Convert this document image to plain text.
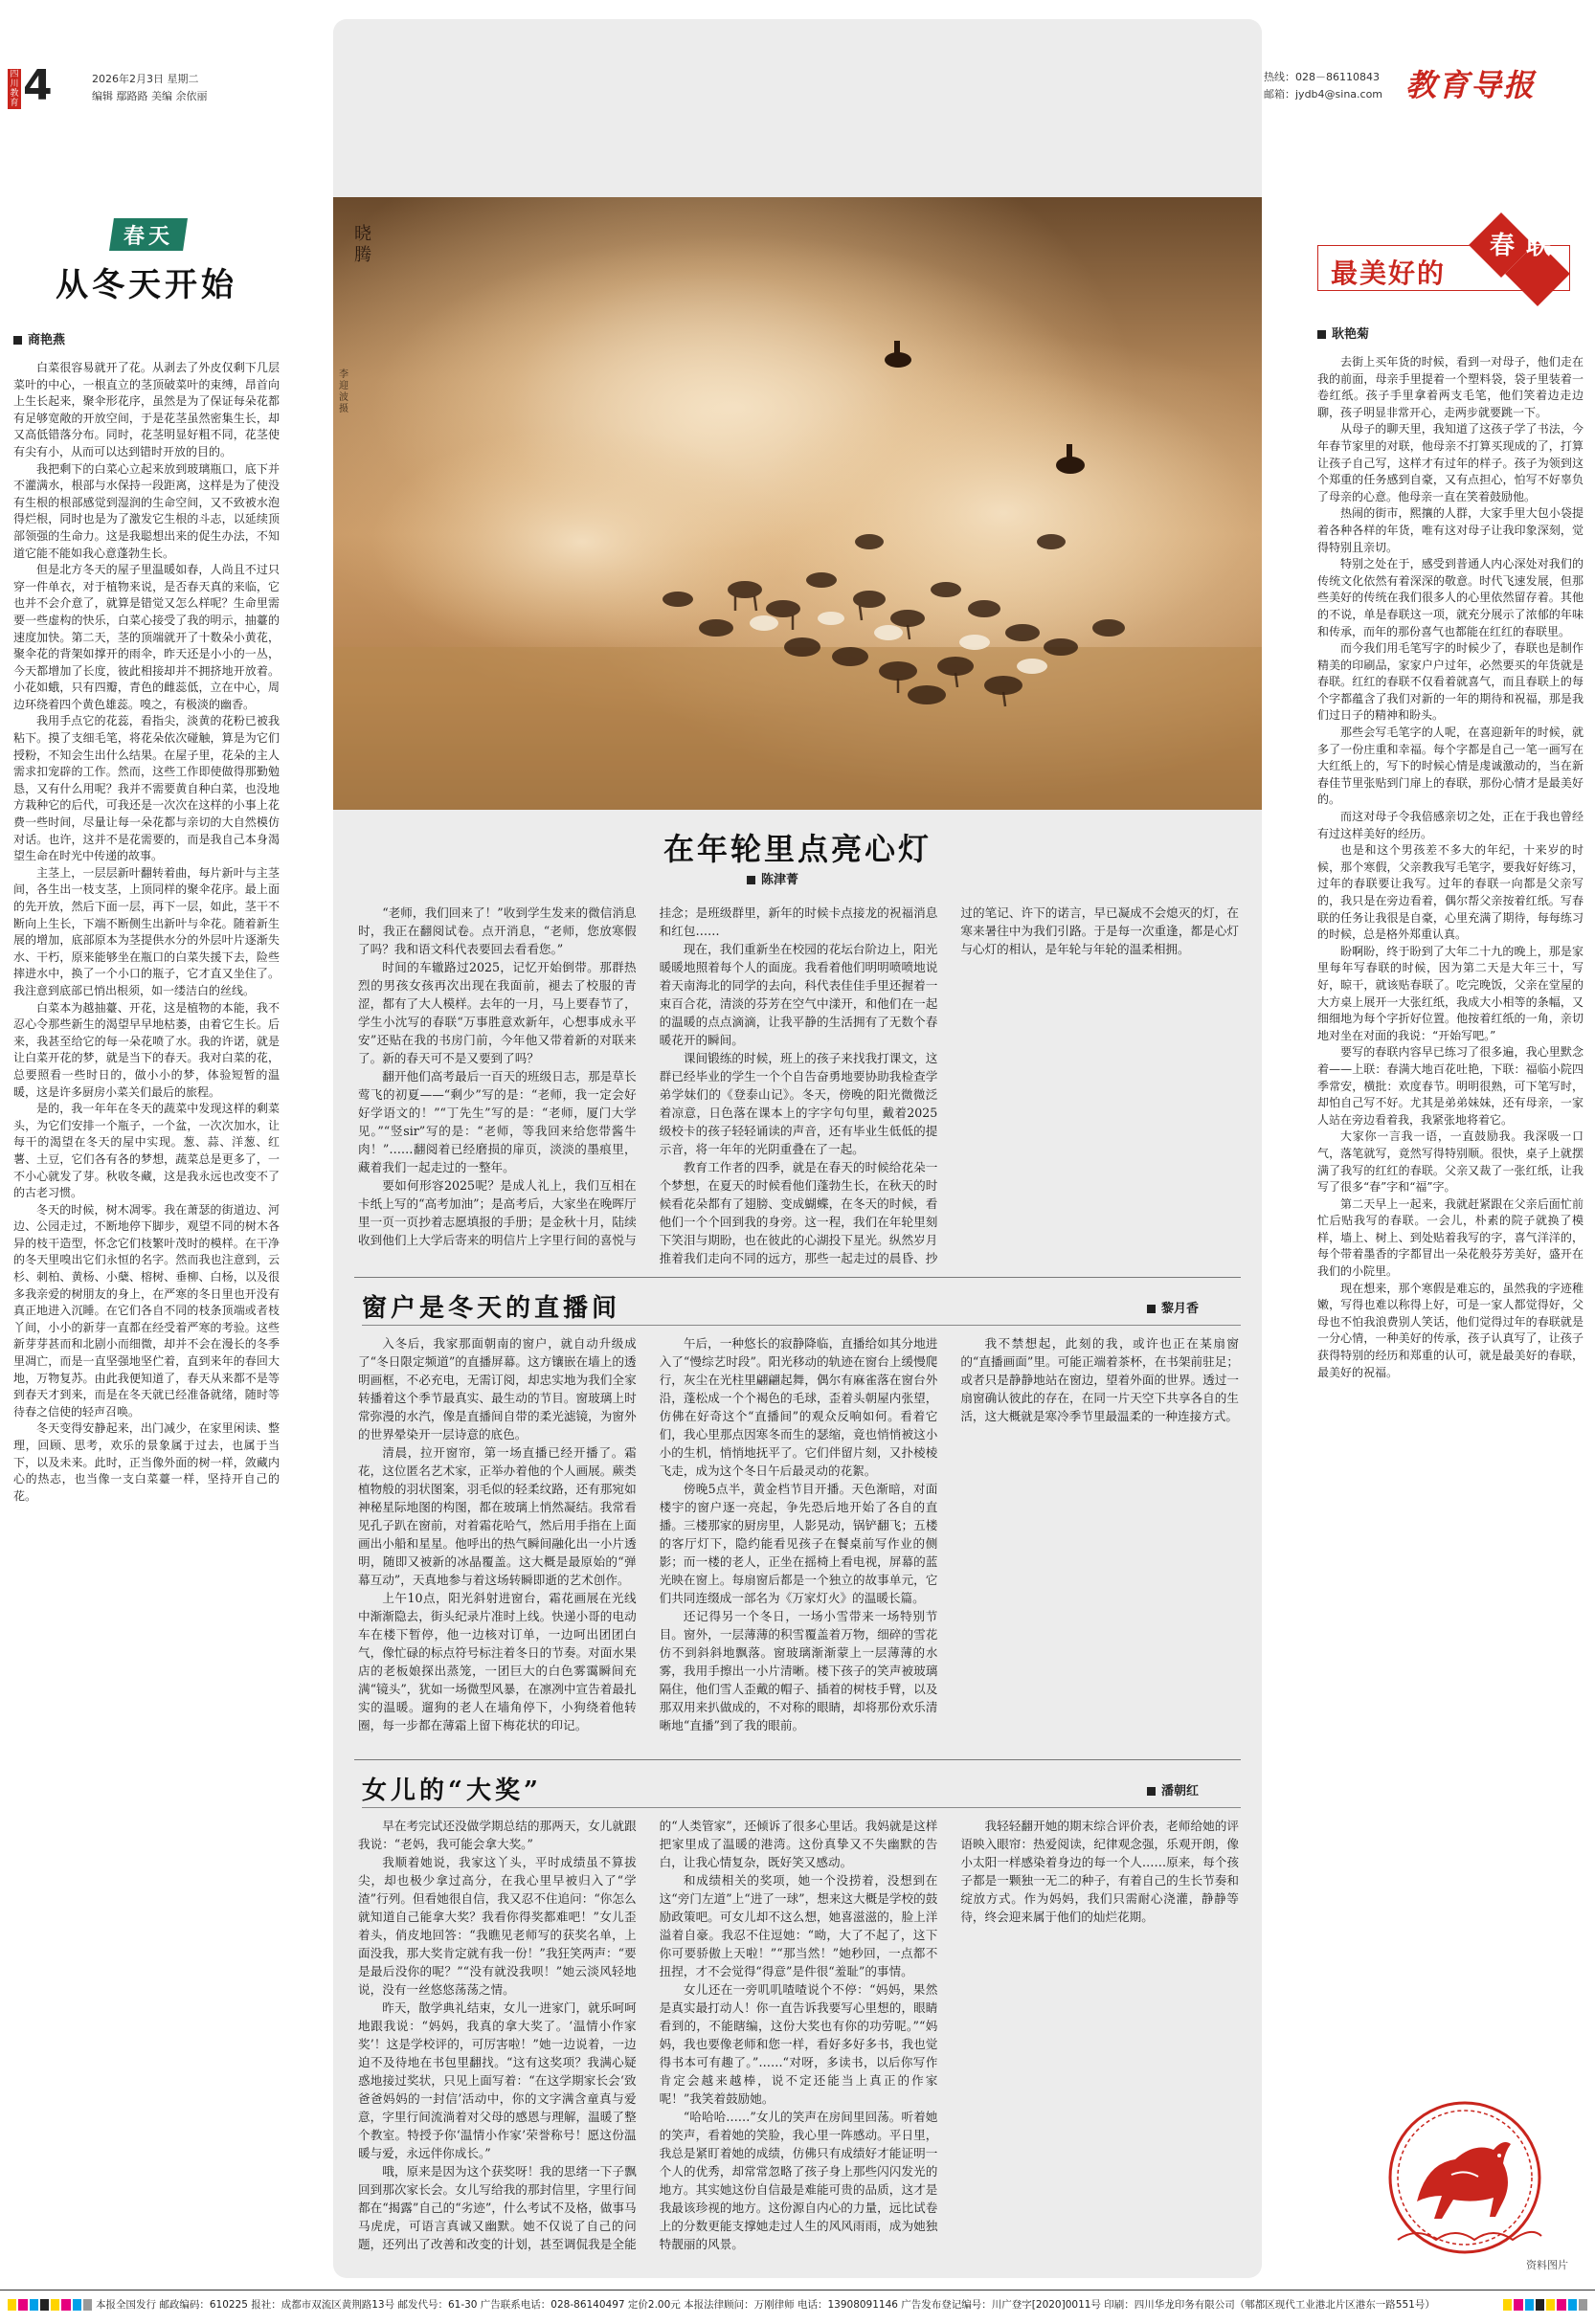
四川教育 4	2026年2月3日 星期二
编辑 鄢路路 美编 余依丽
热线：028－86110843
邮箱：jydb4@sina.com 教育导报
晓腾
李迎波 摄
春天
从冬天开始
商艳燕

白菜很容易就开了花。从剥去了外皮仅剩下几层菜叶的中心，一根直立的茎顶破菜叶的束缚，昂首向上生长起来，聚伞形花序，虽然是为了保证每朵花都有足够宽敞的开放空间，于是花茎虽然密集生长，却又高低错落分布。同时，花茎明显好粗不同，花茎使有尖有小，从而可以达到错时开放的目的。

我把剩下的白菜心立起来放到玻璃瓶口，底下并不灌满水，根部与水保持一段距离，这样是为了使没有生根的根部感觉到湿润的生命空间，又不致被水泡得烂根，同时也是为了激发它生根的斗志，以延续顶部领强的生命力。这是我聪想出来的促生办法，不知道它能不能如我心意蓬勃生长。

但是北方冬天的屋子里温暖如春，人尚且不过只穿一件单衣，对于植物来说，是否春天真的来临，它也并不会介意了，就算是错觉又怎么样呢？生命里需要一些虚构的快乐，白菜心接受了我的明示，抽薹的速度加快。第二天，茎的顶端就开了十数朵小黄花，聚伞花的背架如撑开的雨伞，昨天还是小小的一丛，今天都增加了长度，彼此相接却并不拥挤地开放着。小花如蛾，只有四瓣，青色的雌蕊低，立在中心，周边环绕着四个黄色雄蕊。嗅之，有极淡的幽香。

我用手点它的花蕊，看指尖，淡黄的花粉已被我粘下。摸了支细毛笔，将花朵依次碰触，算是为它们授粉，不知会生出什么结果。在屋子里，花朵的主人需求扣宠辟的工作。然而，这些工作即使做得那勤勉恳，又有什么用呢？我并不需要黄自种白菜，也没地方栽种它的后代，可我还是一次次在这样的小事上花费一些时间，尽量让每一朵花都与亲切的大自然模仿对话。也许，这并不是花需要的，而是我自己本身渴望生命在时光中传递的故事。

主茎上，一层层新叶翻转着曲，每片新叶与主茎间，各生出一枝支茎，上顶同样的聚伞花序。最上面的先开放，然后下面一层，再下一层，如此，茎干不断向上生长，下端不断侧生出新叶与伞花。随着新生展的增加，底部原本为茎提供水分的外层叶片逐渐失水、干朽，原来能够坐在瓶口的白菜失援下去，险些摔进水中，换了一个小口的瓶子，它才直又坐住了。我注意到底部已悄出根须，如一缕洁白的丝线。

白菜本为越抽薹、开花，这是植物的本能，我不忍心令那些新生的渴望早早地枯萎，由着它生长。后来，我甚至给它的每一朵花喷了水。我的许诺，就是让白菜开花的梦，就是当下的春天。我对白菜的花，总要照看一些时日的，做小小的梦，体验短暂的温暖，这是许多厨房小菜关们最后的旅程。

是的，我一年年在冬天的蔬菜中发现这样的剩菜头，为它们安排一个瓶子，一个盆，一次次加水，让每干的渴望在冬天的屋中实现。葱、蒜、洋葱、红薯、土豆，它们各有各的梦想，蔬菜总是更多了，一不小心就发了芽。秋收冬藏，这是我永远也改变不了的古老习惯。

冬天的时候，树木凋零。我在萧瑟的街道边、河边、公园走过，不断地停下脚步，观望不同的树木各异的枝干造型，怀念它们枝繁叶茂时的模样。在干净的冬天里嗅出它们永恒的名字。然而我也注意到，云杉、刺柏、黄杨、小蘖、榕树、垂柳、白杨，以及很多我亲爱的树朋友的身上，在严寒的冬日里也开没有真正地进入沉睡。在它们各自不同的枝条顶端或者枝丫间，小小的新芽一直都在经受着严寒的考验。这些新芽芽甚而和北剧小而细微，却并不会在漫长的冬季里凋亡，而是一直坚强地坚伫着，直到来年的春回大地，万物复苏。由此我便知道了，春天从来都不是等到春天才到来，而是在冬天就已经准备就绪，随时等待春之信使的轻声召唤。

冬天变得安静起来，出门减少，在家里闲读、整理，回顾、思考，欢乐的景象属于过去，也属于当下，以及未来。此时，正当像外面的树一样，敛藏内心的热志，也当像一支白菜薹一样，坚持开自己的花。

在年轮里点亮心灯
陈津菁

“老师，我们回来了！”收到学生发来的微信消息时，我正在翻阅试卷。点开消息，“老师，您放寒假了吗？我和语文科代表要回去看看您。”

时间的车辙路过2025，记忆开始倒带。那群热烈的男孩女孩再次出现在我面前，褪去了校服的青涩，都有了大人模样。去年的一月，马上要春节了，学生小沈写的春联“万事胜意欢新年，心想事成永平安”还贴在我的书房门前，今年他又带着新的对联来了。新的春天可不是又要到了吗？

翻开他们高考最后一百天的班级日志，那是草长莺飞的初夏——“剩少”写的是：“老师，我一定会好好学语文的！”“丁先生”写的是：“老师，厦门大学见。”“竖sir”写的是：“老师，等我回来给您带酱牛肉！”……翻阅着已经磨损的扉页，淡淡的墨痕里，藏着我们一起走过的一整年。

要如何形容2025呢？是成人礼上，我们互相在卡纸上写的“高考加油”；是高考后，大家坐在晚晖厅里一页一页抄着志愿填报的手册；是金秋十月，陆续收到他们上大学后寄来的明信片上字里行间的喜悦与挂念；是班级群里，新年的时候卡点接龙的祝福消息和红包……

现在，我们重新坐在校园的花坛台阶边上，阳光暖暖地照着每个人的面庞。我看着他们明明喷喷地说着天南海北的同学的去向，科代表佳佳手里还握着一束百合花，清淡的芬芳在空气中漾开，和他们在一起的温暖的点点滴滴，让我平静的生活拥有了无数个春暖花开的瞬间。

课间锻练的时候，班上的孩子来找我打课文，这群已经毕业的学生一个个自告奋勇地要协助我检查学弟学妹们的《登泰山记》。冬天，傍晚的阳光微微泛着凉意，日色落在课本上的字字句句里，戴着2025级校卡的孩子轻轻诵读的声音，还有毕业生低低的提示音，将一年年的光阴重叠在了一起。

教育工作者的四季，就是在春天的时候给花朵一个梦想，在夏天的时候看他们蓬勃生长，在秋天的时候看花朵都有了翅膀、变成蝴蝶，在冬天的时候，看他们一个个回到我的身旁。这一程，我们在年轮里刻下笑泪与期盼，也在彼此的心湖投下星光。纵然岁月推着我们走向不同的远方，那些一起走过的晨昏、抄过的笔记、许下的诺言，早已凝成不会熄灭的灯，在寒来暑往中为我们引路。于是每一次重逢，都是心灯与心灯的相认，是年轮与年轮的温柔相拥。

窗户是冬天的直播间	黎月香

入冬后，我家那面朝南的窗户，就自动升级成了“冬日限定频道”的直播屏幕。这方镶嵌在墙上的透明画框，不必充电，无需订阅，却忠实地为我们全家转播着这个季节最真实、最生动的节目。窗玻璃上时常弥漫的水汽，像是直播间自带的柔光滤镜，为窗外的世界晕染开一层诗意的底色。

清晨，拉开窗帘，第一场直播已经开播了。霜花，这位匿名艺术家，正举办着他的个人画展。蕨类植物般的羽状图案，羽毛似的轻柔纹路，还有那宛如神秘星际地图的构图，都在玻璃上悄然凝结。我常看见孔子趴在窗前，对着霜花哈气，然后用手指在上面画出小船和星星。他呼出的热气瞬间融化出一小片透明，随即又被新的冰晶覆盖。这大概是最原始的“弹幕互动”，天真地参与着这场转瞬即逝的艺术创作。

上午10点，阳光斜射进窗台，霜花画展在光线中渐渐隐去，街头纪录片准时上线。快递小哥的电动车在楼下暂停，他一边核对订单，一边呵出团团白气，像忙碌的标点符号标注着冬日的节奏。对面水果店的老板娘探出蒸笼，一团巨大的白色雾霭瞬间充满“镜头”，犹如一场微型风暴，在凛冽中宣告着最扎实的温暖。遛狗的老人在墙角停下，小狗绕着他转圈，每一步都在薄霜上留下梅花状的印记。

午后，一种悠长的寂静降临，直播给如其分地进入了“慢综艺时段”。阳光移动的轨迹在窗台上缓慢爬行，灰尘在光柱里翩翩起舞，偶尔有麻雀落在窗台外沿，蓬松成一个个褐色的毛球，歪着头朝屋内张望，仿佛在好奇这个“直播间”的观众反响如何。看着它们，我心里那点因寒冬而生的瑟缩，竟也悄悄被这小小的生机，悄悄地抚平了。它们伴留片刻，又扑棱棱飞走，成为这个冬日午后最灵动的花絮。

傍晚5点半，黄金档节目开播。天色渐暗，对面楼宇的窗户逐一亮起，争先恐后地开始了各自的直播。三楼那家的厨房里，人影晃动，锅铲翻飞；五楼的客厅灯下，隐约能看见孩子在餐桌前写作业的侧影；而一楼的老人，正坐在摇椅上看电视，屏幕的蓝光映在窗上。每扇窗后都是一个独立的故事单元，它们共同连缀成一部名为《万家灯火》的温暖长篇。

还记得另一个冬日，一场小雪带来一场特别节目。窗外，一层薄薄的积雪覆盖着万物，细碎的雪花仿不到斜斜地飘落。窗玻璃渐渐蒙上一层薄薄的水雾，我用手擦出一小片清晰。楼下孩子的笑声被玻璃隔住，他们雪人歪戴的帽子、插着的树枝手臂，以及那双用来扒做成的，不对称的眼睛，却将那份欢乐清晰地“直播”到了我的眼前。

我不禁想起，此刻的我，或许也正在某扇窗的“直播画面”里。可能正端着茶杯，在书架前驻足；或者只是静静地站在窗边，望着外面的世界。透过一扇窗确认彼此的存在，在同一片天空下共享各自的生活，这大概就是寒冷季节里最温柔的一种连接方式。

女儿的“大奖”	潘朝红

早在考完试还没做学期总结的那两天，女儿就跟我说：“老妈，我可能会拿大奖。”

我顺着她说，我家这丫头，平时成绩虽不算拔尖，却也极少拿过高分，在我心里早被归入了“学渣”行列。但看她很自信，我又忍不住追问：“你怎么就知道自己能拿大奖？我看你得奖都难吧！”女儿歪着头，俏皮地回答：“我瞧见老师写的获奖名单，上面没我，那大奖肯定就有我一份！”我狂笑两声：“要是最后没你的呢？”“没有就没我呗！”她云淡风轻地说，没有一丝悠悠荡荡之情。

昨天，散学典礼结束，女儿一进家门，就乐呵呵地跟我说：“妈妈，我真的拿大奖了。‘温情小作家奖’！这是学校评的，可厉害啦！”她一边说着，一边迫不及待地在书包里翻找。“这有这奖项？我满心疑惑地接过奖状，只见上面写着：“在这学期家长会‘致爸爸妈妈的一封信’活动中，你的文字满含童真与爱意，字里行间流淌着对父母的感恩与理解，温暖了整个教室。特授予你‘温情小作家’荣誉称号！愿这份温暖与爱，永远伴你成长。”

哦，原来是因为这个获奖呀！我的思绪一下子飘回到那次家长会。女儿写给我的那封信里，字里行间都在“揭露”自己的“劣迹”，什么考试不及格，做事马马虎虎，可语言真诚又幽默。她不仅说了自己的问题，还列出了改善和改变的计划，甚至调侃我是全能的“人类管家”，还倾诉了很多心里话。我妈就是这样把家里成了温暖的港湾。这份真挚又不失幽默的告白，让我心情复杂，既好笑又感动。

和成绩相关的奖项，她一个没捞着，没想到在这“旁门左道”上“进了一球”，想来这大概是学校的鼓励政策吧。可女儿却不这么想，她喜滋滋的，脸上洋溢着自豪。我忍不住逗她：“呦，大了不起了，这下你可要骄傲上天啦！”“那当然！”她秒回，一点都不扭捏，才不会觉得“得意”是件很“羞耻”的事情。

女儿还在一旁叽叽喳喳说个不停：“妈妈，果然是真实最打动人！你一直告诉我要写心里想的，眼睛看到的，不能瞎编，这份大奖也有你的功劳呢。”“妈妈，我也要像老师和您一样，看好多好多书，我也觉得书本可有趣了。”……“对呀，多读书，以后你写作肯定会越来越棒，说不定还能当上真正的作家呢！”我笑着鼓励她。

“哈哈哈……”女儿的笑声在房间里回荡。听着她的笑声，看着她的笑脸，我心里一阵感动。平日里，我总是紧盯着她的成绩，仿佛只有成绩好才能证明一个人的优秀，却常常忽略了孩子身上那些闪闪发光的地方。其实她这份自信最是难能可贵的品质，这才是我最该珍视的地方。这份源自内心的力量，远比试卷上的分数更能支撑她走过人生的风风雨雨，成为她独特靓丽的风景。

我轻轻翻开她的期末综合评价表，老师给她的评语映入眼帘：热爱阅读，纪律观念强，乐观开朗，像小太阳一样感染着身边的每一个人……原来，每个孩子都是一颗独一无二的种子，有着自己的生长节奏和绽放方式。作为妈妈，我们只需耐心浇灌，静静等待，终会迎来属于他们的灿烂花期。

最美好的
春联
耿艳菊

去街上买年货的时候，看到一对母子，他们走在我的前面，母亲手里提着一个塑料袋，袋子里装着一卷红纸。孩子手里拿着两支毛笔，他们笑着边走边聊，孩子明显非常开心，走两步就要跳一下。

从母子的聊天里，我知道了这孩子学了书法，今年春节家里的对联，他母亲不打算买现成的了，打算让孩子自己写，这样才有过年的样子。孩子为领到这个郑重的任务感到自豪，又有点担心，怕写不好辜负了母亲的心意。他母亲一直在笑着鼓励他。

热闹的街市，熙攘的人群，大家手里大包小袋提着各种各样的年货，唯有这对母子让我印象深刻，觉得特别且亲切。

特别之处在于，感受到普通人内心深处对我们的传统文化依然有着深深的敬意。时代飞速发展，但那些美好的传统在我们很多人的心里依然留存着。其他的不说，单是春联这一项，就充分展示了浓郁的年味和传承，而年的那份喜气也都能在红红的春联里。

而今我们用毛笔写字的时候少了，春联也是制作精美的印刷品，家家户户过年，必然要买的年货就是春联。红红的春联不仅看着就喜气，而且春联上的每个字都蕴含了我们对新的一年的期待和祝福，那是我们过日子的精神和盼头。

那些会写毛笔字的人呢，在喜迎新年的时候，就多了一份庄重和幸福。每个字都是自己一笔一画写在大红纸上的，写下的时候心情是虔诚激动的，当在新春佳节里张贴到门扉上的春联，那份心情才是最美好的。

而这对母子令我倍感亲切之处，正在于我也曾经有过这样美好的经历。

也是和这个男孩差不多大的年纪，十来岁的时候，那个寒假，父亲教我写毛笔字，要我好好练习，过年的春联要让我写。过年的春联一向都是父亲写的，我只是在旁边看着，偶尔帮父亲按着红纸。写春联的任务让我很是自豪，心里充满了期待，每每练习的时候，总是格外郑重认真。

盼啊盼，终于盼到了大年二十九的晚上，那是家里每年写春联的时候，因为第二天是大年三十，写好，晾干，就该贴春联了。吃完晚饭，父亲在堂屋的大方桌上展开一大张红纸，我成大小相等的条幅，又细细地为每个字折好位置。他按着红纸的一角，亲切地对坐在对面的我说：“开始写吧。”

要写的春联内容早已练习了很多遍，我心里默念着——上联：春满大地百花吐艳，下联：福临小院四季常安，横批：欢度春节。明明很熟，可下笔写时，却怕自己写不好。尤其是弟弟妹妹，还有母亲，一家人站在旁边看着我，我紧张地将着它。

大家你一言我一语，一直鼓励我。我深吸一口气，落笔就写，竟然写得特别顺。很快，桌子上就摆满了我写的红红的春联。父亲又裁了一张红纸，让我写了很多“春”字和“福”字。

第二天早上一起来，我就赶紧跟在父亲后面忙前忙后贴我写的春联。一会儿，朴素的院子就换了模样，墙上、树上、到处贴着我写的字，喜气洋洋的，每个带着墨香的字都冒出一朵花般芬芳美好，盛开在我们的小院里。

现在想来，那个寒假是难忘的，虽然我的字迹稚嫩，写得也难以称得上好，可是一家人都觉得好，父母也不怕我浪费别人笑话，他们觉得过年的春联就是一分心情，一种美好的传承，孩子认真写了，让孩子获得特别的经历和郑重的认可，就是最美好的春联，最美好的祝福。

资料图片
本报全国发行 邮政编码：610225 报社：成都市双流区黄荆路13号 邮发代号：61-30 广告联系电话：028-86140497 定价2.00元 本报法律顾问：万刚律师 电话：13908091146 广告发布登记编号：川广登字[2020]0011号 印刷：四川华龙印务有限公司（郫都区现代工业港北片区港东一路551号）
